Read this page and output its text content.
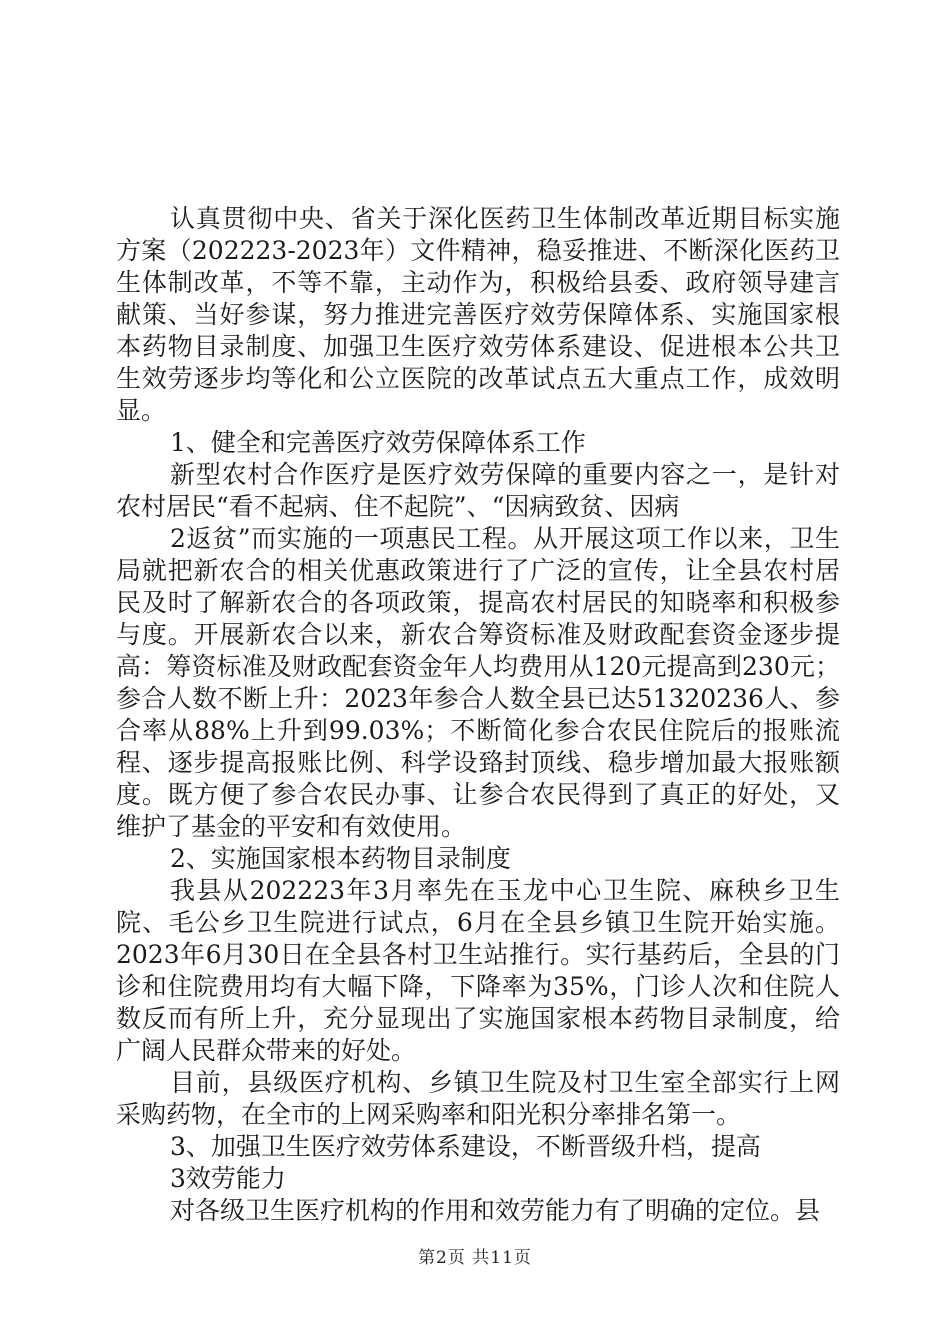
认真贯彻中央、省关于深化医药卫生体制改革近期目标实施方案（202223-2023年）文件精神，稳妥推进、不断深化医药卫生体制改革，不等不靠，主动作为，积极给县委、政府领导建言献策、当好参谋，努力推进完善医疗效劳保障体系、实施国家根本药物目录制度、加强卫生医疗效劳体系建设、促进根本公共卫生效劳逐步均等化和公立医院的改革试点五大重点工作，成效明显。

1、健全和完善医疗效劳保障体系工作

新型农村合作医疗是医疗效劳保障的重要内容之一，是针对农村居民“看不起病、住不起院”、“因病致贫、因病

2返贫”而实施的一项惠民工程。从开展这项工作以来，卫生局就把新农合的相关优惠政策进行了广泛的宣传，让全县农村居民及时了解新农合的各项政策，提高农村居民的知晓率和积极参与度。开展新农合以来，新农合筹资标准及财政配套资金逐步提高：筹资标准及财政配套资金年人均费用从120元提高到230元；参合人数不断上升：2023年参合人数全县已达51320236人、参合率从88%上升到99.03%；不断简化参合农民住院后的报账流程、逐步提高报账比例、科学设臵封顶线、稳步增加最大报账额度。既方便了参合农民办事、让参合农民得到了真正的好处，又维护了基金的平安和有效使用。

2、实施国家根本药物目录制度

我县从202223年3月率先在玉龙中心卫生院、麻秧乡卫生院、毛公乡卫生院进行试点，6月在全县乡镇卫生院开始实施。2023年6月30日在全县各村卫生站推行。实行基药后，全县的门诊和住院费用均有大幅下降，下降率为35%，门诊人次和住院人数反而有所上升，充分显现出了实施国家根本药物目录制度，给广阔人民群众带来的好处。

目前，县级医疗机构、乡镇卫生院及村卫生室全部实行上网采购药物，在全市的上网采购率和阳光积分率排名第一。

3、加强卫生医疗效劳体系建设，不断晋级升档，提高

3效劳能力

对各级卫生医疗机构的作用和效劳能力有了明确的定位。县

第2页 共11页
